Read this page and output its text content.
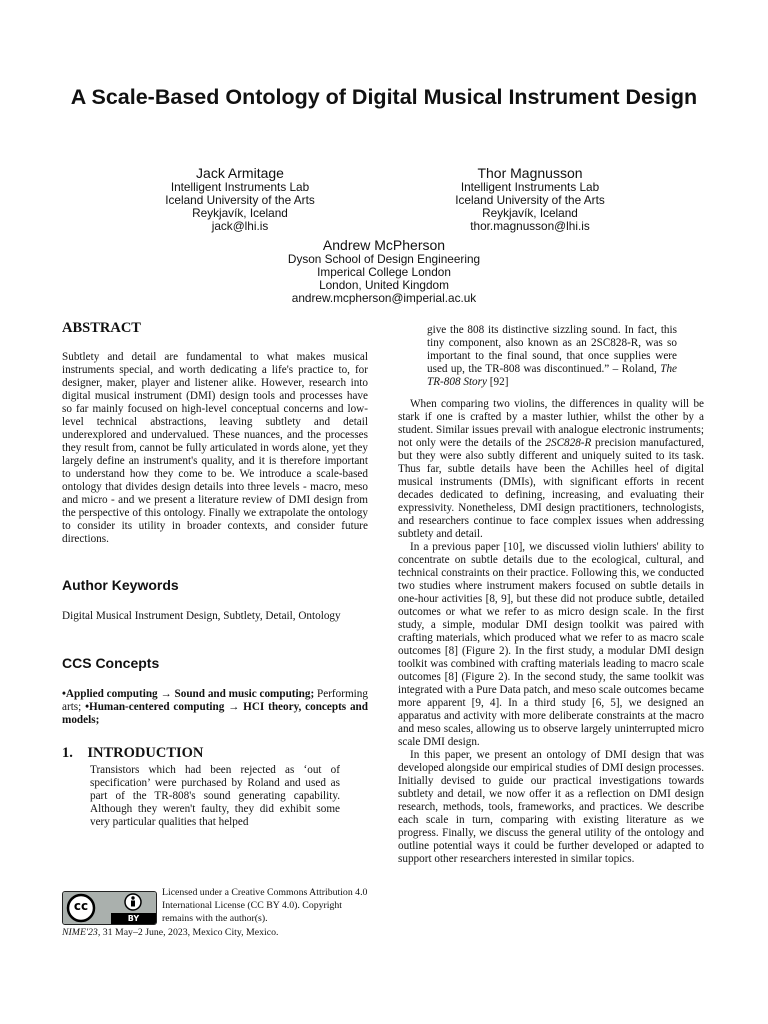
A Scale-Based Ontology of Digital Musical Instrument Design
Jack Armitage
Intelligent Instruments Lab
Iceland University of the Arts
Reykjavík, Iceland
jack@lhi.is
Thor Magnusson
Intelligent Instruments Lab
Iceland University of the Arts
Reykjavík, Iceland
thor.magnusson@lhi.is
Andrew McPherson
Dyson School of Design Engineering
Imperical College London
London, United Kingdom
andrew.mcpherson@imperial.ac.uk
ABSTRACT

Subtlety and detail are fundamental to what makes musical instruments special, and worth dedicating a life's practice to, for designer, maker, player and listener alike. However, research into digital musical instrument (DMI) design tools and processes have so far mainly focused on high-level conceptual concerns and low-level technical abstractions, leaving subtlety and detail underexplored and undervalued. These nuances, and the processes they result from, cannot be fully articulated in words alone, yet they largely define an instrument's quality, and it is therefore important to understand how they come to be. We introduce a scale-based ontology that divides design details into three levels - macro, meso and micro - and we present a literature review of DMI design from the perspective of this ontology. Finally we extrapolate the ontology to consider its utility in broader contexts, and consider future directions.

Author Keywords

Digital Musical Instrument Design, Subtlety, Detail, Ontology

CCS Concepts

•Applied computing → Sound and music computing; Performing arts; •Human-centered computing → HCI theory, concepts and models;

1.    INTRODUCTION

Transistors which had been rejected as ‘out of specification’ were purchased by Roland and used as part of the TR-808's sound generating capability. Although they weren't faulty, they did exhibit some very particular qualities that helped

cc
BY
Licensed under a Creative Commons Attribution 4.0 International License (CC BY 4.0). Copyright remains with the author(s).
NIME'23, 31 May–2 June, 2023, Mexico City, Mexico.

give the 808 its distinctive sizzling sound. In fact, this tiny component, also known as an 2SC828-R, was so important to the final sound, that once supplies were used up, the TR-808 was discontinued.” – Roland, The TR-808 Story [92]

When comparing two violins, the differences in quality will be stark if one is crafted by a master luthier, whilst the other by a student. Similar issues prevail with analogue electronic instruments; not only were the details of the 2SC828-R precision manufactured, but they were also subtly different and uniquely suited to its task. Thus far, subtle details have been the Achilles heel of digital musical instruments (DMIs), with significant efforts in recent decades dedicated to defining, increasing, and evaluating their expressivity. Nonetheless, DMI design practitioners, technologists, and researchers continue to face complex issues when addressing subtlety and detail.

In a previous paper [10], we discussed violin luthiers' ability to concentrate on subtle details due to the ecological, cultural, and technical constraints on their practice. Following this, we conducted two studies where instrument makers focused on subtle details in one-hour activities [8, 9], but these did not produce subtle, detailed outcomes or what we refer to as micro design scale. In the first study, a simple, modular DMI design toolkit was paired with crafting materials, which produced what we refer to as macro scale outcomes [8] (Figure 2). In the first study, a modular DMI design toolkit was combined with crafting materials leading to macro scale outcomes [8] (Figure 2). In the second study, the same toolkit was integrated with a Pure Data patch, and meso scale outcomes became more apparent [9, 4]. In a third study [6, 5], we designed an apparatus and activity with more deliberate constraints at the macro and meso scales, allowing us to observe largely uninterrupted micro scale DMI design.

In this paper, we present an ontology of DMI design that was developed alongside our empirical studies of DMI design processes. Initially devised to guide our practical investigations towards subtlety and detail, we now offer it as a reflection on DMI design research, methods, tools, frameworks, and practices. We describe each scale in turn, comparing with existing literature as we progress. Finally, we discuss the general utility of the ontology and outline potential ways it could be further developed or adapted to support other researchers interested in similar topics.
